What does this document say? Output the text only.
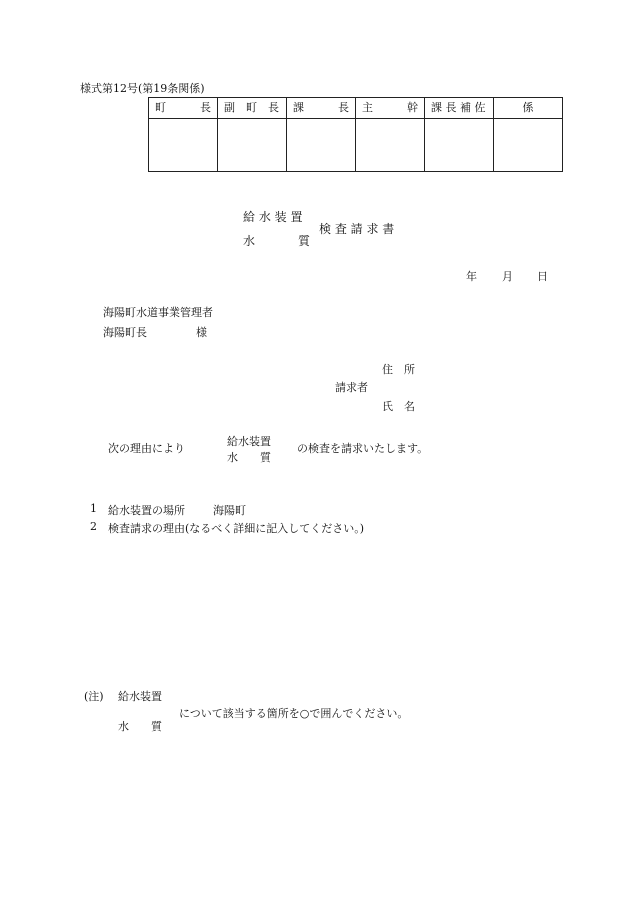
様式第12号(第19条関係)
町 長	副　町　長	課 長	主 幹	課 長 補 佐	係

給 水 装 置
水	質
検 査 請 求 書
年 月 日
海陽町水道事業管理者
海陽町長	様
住　所
請求者
氏　名
次の理由により
給水装置
水　　質
の検査を請求いたします。
1 給水装置の場所	海陽町
2 検査請求の理由(なるべく詳細に記入してください。)
(注) 給水装置
水　　質
について該当する箇所を○で囲んでください。
